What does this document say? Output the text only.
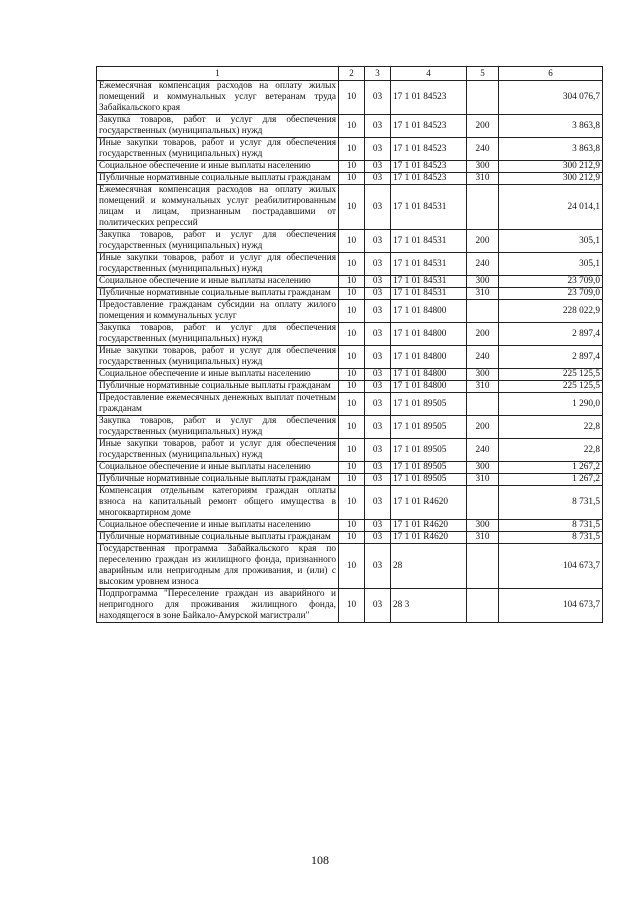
1	2	3	4	5	6
Ежемесячная компенсация расходов на оплату жилых помещений и коммунальных услуг ветеранам труда Забайкальского края	10	03	17 1 01 84523		304 076,7
Закупка товаров, работ и услуг для обеспечения государственных (муниципальных) нужд	10	03	17 1 01 84523	200	3 863,8
Иные закупки товаров, работ и услуг для обеспечения государственных (муниципальных) нужд	10	03	17 1 01 84523	240	3 863,8
Социальное обеспечение и иные выплаты населению	10	03	17 1 01 84523	300	300 212,9
Публичные нормативные социальные выплаты гражданам	10	03	17 1 01 84523	310	300 212,9
Ежемесячная компенсация расходов на оплату жилых помещений и коммунальных услуг реабилитированным лицам и лицам, признанным пострадавшими от политических репрессий	10	03	17 1 01 84531		24 014,1
Закупка товаров, работ и услуг для обеспечения государственных (муниципальных) нужд	10	03	17 1 01 84531	200	305,1
Иные закупки товаров, работ и услуг для обеспечения государственных (муниципальных) нужд	10	03	17 1 01 84531	240	305,1
Социальное обеспечение и иные выплаты населению	10	03	17 1 01 84531	300	23 709,0
Публичные нормативные социальные выплаты гражданам	10	03	17 1 01 84531	310	23 709,0
Предоставление гражданам субсидии на оплату жилого помещения и коммунальных услуг	10	03	17 1 01 84800		228 022,9
Закупка товаров, работ и услуг для обеспечения государственных (муниципальных) нужд	10	03	17 1 01 84800	200	2 897,4
Иные закупки товаров, работ и услуг для обеспечения государственных (муниципальных) нужд	10	03	17 1 01 84800	240	2 897,4
Социальное обеспечение и иные выплаты населению	10	03	17 1 01 84800	300	225 125,5
Публичные нормативные социальные выплаты гражданам	10	03	17 1 01 84800	310	225 125,5
Предоставление ежемесячных денежных выплат почетным гражданам	10	03	17 1 01 89505		1 290,0
Закупка товаров, работ и услуг для обеспечения государственных (муниципальных) нужд	10	03	17 1 01 89505	200	22,8
Иные закупки товаров, работ и услуг для обеспечения государственных (муниципальных) нужд	10	03	17 1 01 89505	240	22,8
Социальное обеспечение и иные выплаты населению	10	03	17 1 01 89505	300	1 267,2
Публичные нормативные социальные выплаты гражданам	10	03	17 1 01 89505	310	1 267,2
Компенсация отдельным категориям граждан оплаты взноса на капитальный ремонт общего имущества в многоквартирном доме	10	03	17 1 01 R4620		8 731,5
Социальное обеспечение и иные выплаты населению	10	03	17 1 01 R4620	300	8 731,5
Публичные нормативные социальные выплаты гражданам	10	03	17 1 01 R4620	310	8 731,5
Государственная программа Забайкальского края по переселению граждан из жилищного фонда, признанного аварийным или непригодным для проживания, и (или) с высоким уровнем износа	10	03	28		104 673,7
Подпрограмма "Переселение граждан из аварийного и непригодного для проживания жилищного фонда, находящегося в зоне Байкало-Амурской магистрали"	10	03	28 3		104 673,7
108
